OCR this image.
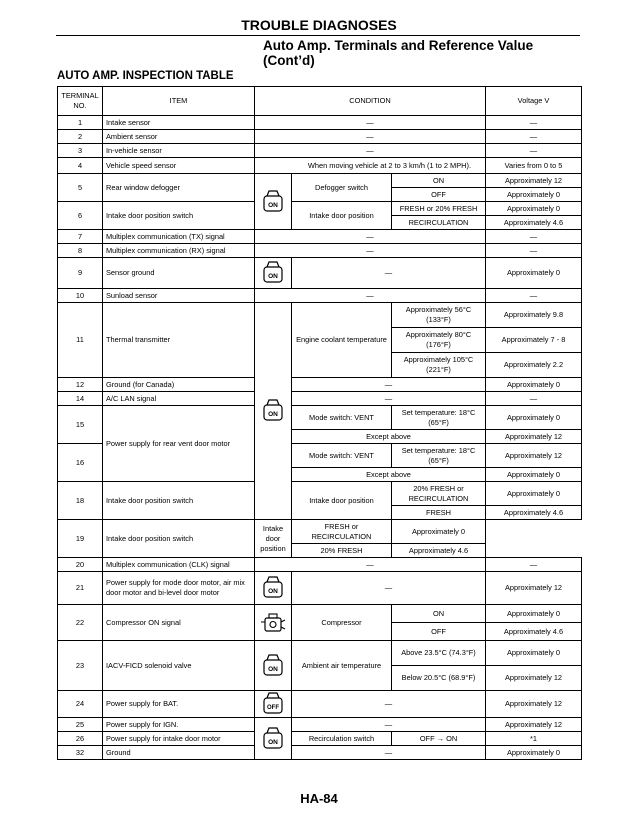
TROUBLE DIAGNOSES
Auto Amp. Terminals and Reference Value (Cont’d)
AUTO AMP. INSPECTION TABLE
TERMINAL NO.	ITEM	CONDITION			Voltage V
1	Intake sensor	—			—
2	Ambient sensor	—			—
3	In-vehicle sensor	—			—
4	Vehicle speed sensor	When moving vehicle at 2 to 3 km/h (1 to 2 MPH).			Varies from 0 to 5
5	Rear window defogger	ON	Defogger switch	ON	Approximately 12
				OFF	Approximately 0
6	Intake door position switch		Intake door position	FRESH or 20% FRESH	Approximately 0
				RECIRCULATION	Approximately 4.6
7	Multiplex communication (TX) signal	—			—
8	Multiplex communication (RX) signal	—			—
9	Sensor ground	ON	—		Approximately 0
10	Sunload sensor	—			—
11	Thermal transmitter	ON	Engine coolant temperature	Approximately 56°C (133°F)	Approximately 9.8
				Approximately 80°C (176°F)	Approximately 7 - 8
				Approximately 105°C (221°F)	Approximately 2.2
12	Ground (for Canada)		—		Approximately 0
14	A/C LAN signal		—		—
15	Power supply for rear vent door motor		Mode switch: VENT	Set temperature: 18°C (65°F)	Approximately 0
			Except above		Approximately 12
16			Mode switch: VENT	Set temperature: 18°C (65°F)	Approximately 12
			Except above		Approximately 0
18	Intake door position switch		Intake door position	20% FRESH or RECIRCULATION	Approximately 0
				FRESH	Approximately 4.6
19	Intake door position switch	Intake door position	FRESH or RECIRCULATION	Approximately 0	
			20% FRESH	Approximately 4.6	
20	Multiplex communication (CLK) signal	—			—
21	Power supply for mode door motor, air mix door motor and bi-level door motor	ON	—		Approximately 12
22	Compressor ON signal		Compressor	ON	Approximately 0
				OFF	Approximately 4.6
23	IACV-FICD solenoid valve	ON	Ambient air temperature	Above 23.5°C (74.3°F)	Approximately 0
				Below 20.5°C (68.9°F)	Approximately 12
24	Power supply for BAT.	OFF	—		Approximately 12
25	Power supply for IGN.	ON	—		Approximately 12
26	Power supply for intake door motor		Recirculation switch	OFF → ON	*1
32	Ground		—		Approximately 0
HA-84
